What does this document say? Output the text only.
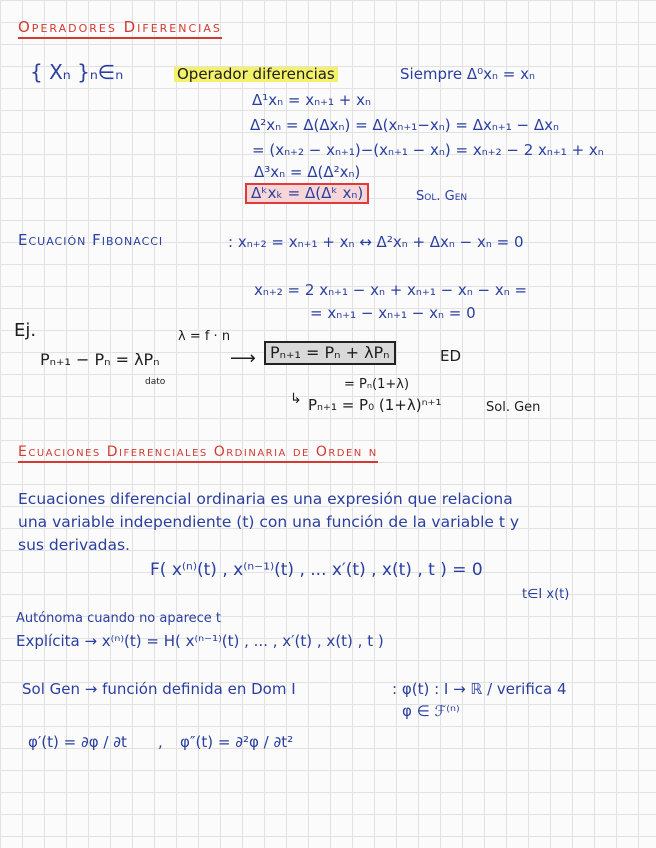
Operadores Diferencias
{ Xₙ }ₙ∈ₙ	Operador diferencias	Siempre Δ⁰xₙ = xₙ
Δ¹xₙ = xₙ₊₁ + xₙ
Δ²xₙ = Δ(Δxₙ) = Δ(xₙ₊₁−xₙ) = Δxₙ₊₁ − Δxₙ
= (xₙ₊₂ − xₙ₊₁)−(xₙ₊₁ − xₙ) = xₙ₊₂ − 2 xₙ₊₁ + xₙ
Δ³xₙ = Δ(Δ²xₙ)
Δᵏxₖ = Δ(Δᵏ xₙ)	Sol. Gen
Ecuación Fibonacci	: xₙ₊₂ = xₙ₊₁ + xₙ ↔ Δ²xₙ + Δxₙ − xₙ = 0
xₙ₊₂ = 2 xₙ₊₁ − xₙ + xₙ₊₁ − xₙ − xₙ =
= xₙ₊₁ − xₙ₊₁ − xₙ = 0
Ej.	λ = f · n
Pₙ₊₁ − Pₙ = λPₙ
dato
⟶ Pₙ₊₁ = Pₙ + λPₙ	ED
= Pₙ(1+λ)
↳ Pₙ₊₁ = P₀ (1+λ)ⁿ⁺¹	Sol. Gen
Ecuaciones Diferenciales Ordinaria de Orden n
Ecuaciones diferencial ordinaria es una expresión que relaciona
una variable independiente (t) con una función de la variable t y
sus derivadas.
F( x⁽ⁿ⁾(t) , x⁽ⁿ⁻¹⁾(t) , ... x′(t) , x(t) , t ) = 0
t∈I x(t)
Autónoma cuando no aparece t
Explícita → x⁽ⁿ⁾(t) = H( x⁽ⁿ⁻¹⁾(t) , ... , x′(t) , x(t) , t )
Sol Gen → función definida en Dom I	: φ(t) : I → ℝ / verifica 4
φ ∈ ℱ⁽ⁿ⁾
φ′(t) = ∂φ / ∂t , φ″(t) = ∂²φ / ∂t²
